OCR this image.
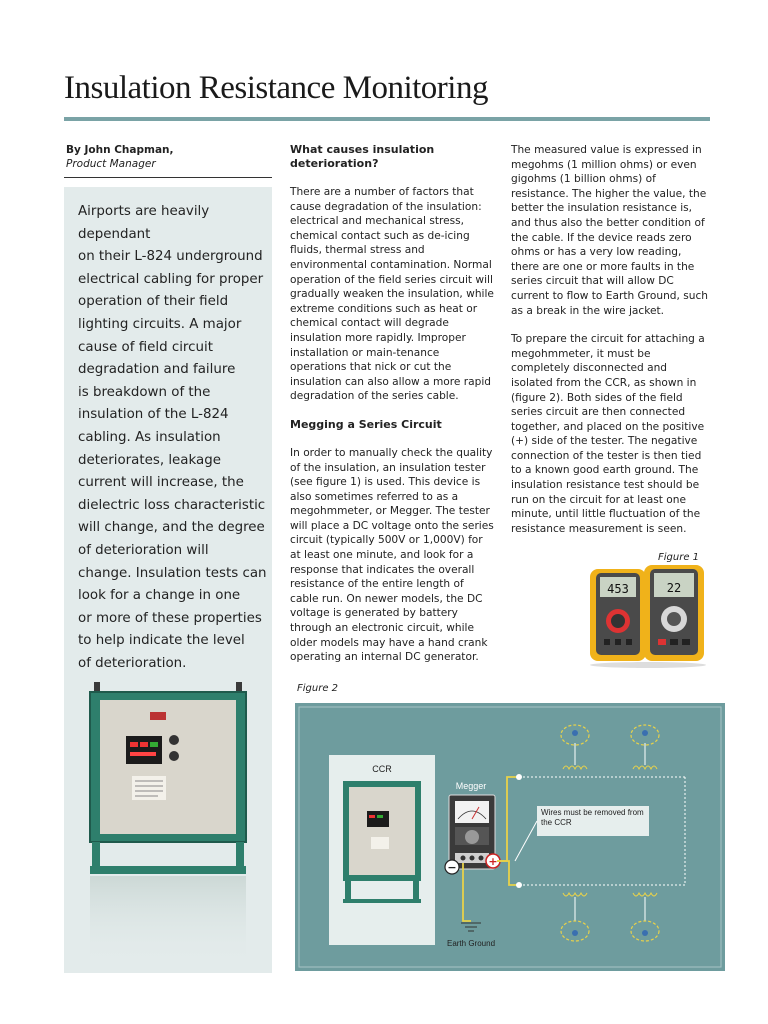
Insulation Resistance Monitoring
By John Chapman,
Product Manager
Airports are heavily dependant
on their L-824 underground
electrical cabling for proper
operation of their field
lighting circuits. A major
cause of field circuit
degradation and failure
is breakdown of the
insulation of the L-824
cabling. As insulation
deteriorates, leakage
current will increase, the
dielectric loss characteristic
will change, and the degree
of deterioration will
change. Insulation tests can
look for a change in one
or more of these properties
to help indicate the level
of deterioration.
What causes insulation deterioration?

There are a number of factors that cause degradation of the insulation: electrical and mechanical stress, chemical contact such as de-icing fluids, thermal stress and environmental contamination. Normal operation of the field series circuit will gradually weaken the insulation, while extreme conditions such as heat or chemical contact will degrade insulation more rapidly. Improper installation or main-tenance operations that nick or cut the insulation can also allow a more rapid degradation of the series cable.

Megging a Series Circuit

In order to manually check the quality of the insulation, an insulation tester (see figure 1) is used. This device is also sometimes referred to as a megohmmeter, or Megger. The tester will place a DC voltage onto the series circuit (typically 500V or 1,000V) for at least one minute, and look for a response that indicates the overall resistance of the entire length of cable run. On newer models, the DC voltage is generated by battery through an electronic circuit, while older models may have a hand crank operating an internal DC generator.

The measured value is expressed in megohms (1 million ohms) or even gigohms (1 billion ohms) of resistance. The higher the value, the better the insulation resistance is, and thus also the better condition of the cable. If the device reads zero ohms or has a very low reading, there are one or more faults in the series circuit that will allow DC current to flow to Earth Ground, such as a break in the wire jacket.

To prepare the circuit for attaching a megohmmeter, it must be completely disconnected and isolated from the CCR, as shown in (figure 2). Both sides of the field series circuit are then connected together, and placed on the positive (+) side of the tester. The negative connection of the tester is then tied to a known good earth ground. The insulation resistance test should be run on the circuit for at least one minute, until little fluctuation of the resistance measurement is seen.

Figure 1
453	22
Figure 2
CCR
Megger
−	+
Earth Ground
Wires must be removed from the CCR
